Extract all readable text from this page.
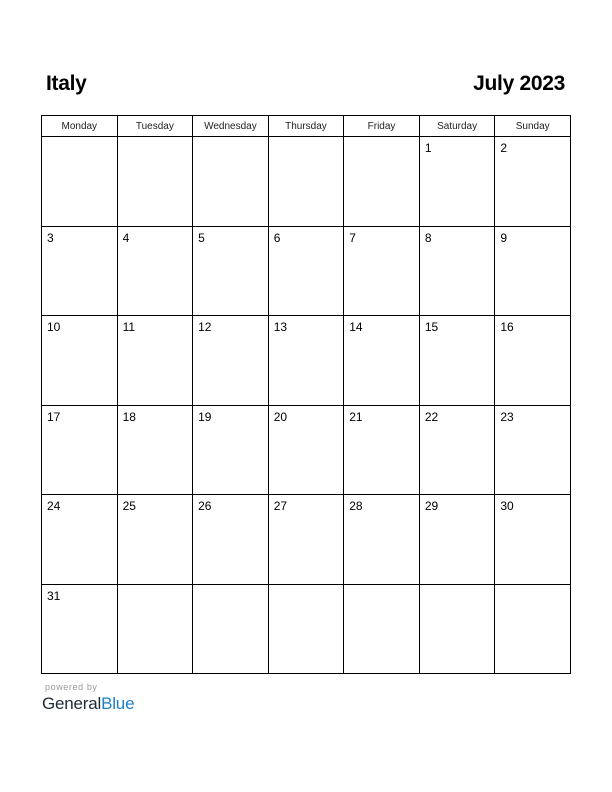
Italy	July 2023
Monday	Tuesday	Wednesday	Thursday	Friday	Saturday	Sunday

					1	2

3	4	5	6	7	8	9

10	11	12	13	14	15	16

17	18	19	20	21	22	23

24	25	26	27	28	29	30

31						

powered by
GeneralBlue
